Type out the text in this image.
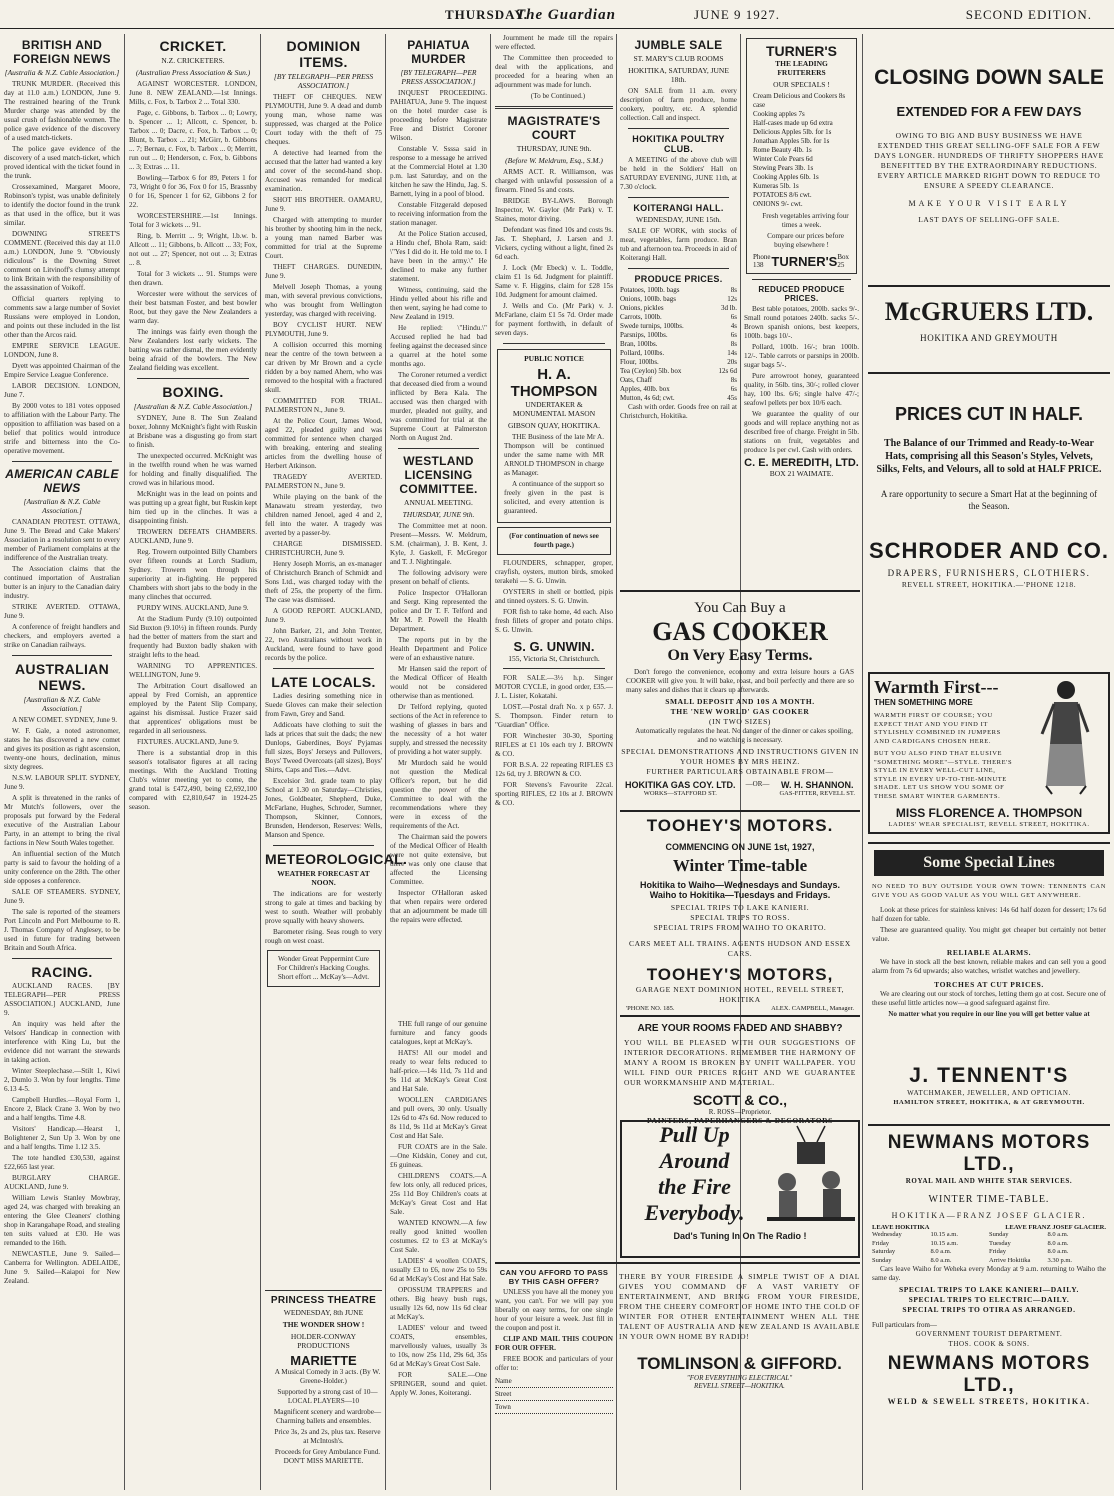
THURSDAY.
The Guardian	JUNE 9 1927.	SECOND EDITION.
BRITISH AND FOREIGN NEWS
[Australia & N.Z. Cable Association.]

TRUNK MURDER. (Received this day at 11.0 a.m.) LONDON, June 9. The restrained hearing of the Trunk Murder charge was attended by the usual crush of fashionable women. The police gave evidence of the discovery of a used match-tickets.

The police gave evidence of the discovery of a used match-ticket, which proved identical with the ticket found in the trunk.

Crossexamined, Margaret Moore, Robinson's typist, was unable definitely to identify the doctor found in the trunk as that used in the office, but it was similar.

DOWNING STREET'S COMMENT. (Received this day at 11.0 a.m.) LONDON, June 9. "Obviously ridiculous" is the Downing Street comment on Litvinoff's clumsy attempt to link Britain with the responsibility of the assassination of Voikoff.

Official quarters replying to comments saw a large number of Soviet Russians were employed in London, and points out these included in the list other than the Arcos raid.

EMPIRE SERVICE LEAGUE. LONDON, June 8.

Dyett was appointed Chairman of the Empire Service League Conference.

LABOR DECISION. LONDON, June 7.

By 2000 votes to 181 votes opposed to affiliation with the Labour Party. The opposition to affiliation was based on a belief that politics would introduce strife and bitterness into the Co-operative movement.

AMERICAN CABLE NEWS
[Australian & N.Z. Cable Association.]

CANADIAN PROTEST. OTTAWA, June 9. The Bread and Cake Makers' Association in a resolution sent to every member of Parliament complains at the indifference of the Australian treaty.

The Association claims that the continued importation of Australian butter is an injury to the Canadian dairy industry.

STRIKE AVERTED. OTTAWA, June 9.

A conference of freight handlers and checkers, and employers averted a strike on Canadian railways.

AUSTRALIAN NEWS.
[Australian & N.Z. Cable Association.]

A NEW COMET. SYDNEY, June 9.

W. F. Gale, a noted astronomer, states he has discovered a new comet and gives its position as right ascension, twenty-one hours, declination, minus sixty degrees.

N.S.W. LABOUR SPLIT. SYDNEY, June 9.

A split is threatened in the ranks of Mr Mutch's followers, over the proposals put forward by the Federal executive of the Australian Labour Party, in an attempt to bring the rival factions in New South Wales together.

An influential section of the Mutch party is said to favour the holding of a unity conference on the 28th. The other side opposes a conference.

SALE OF STEAMERS. SYDNEY, June 9.

The sale is reported of the steamers Port Lincoln and Port Melbourne to R. J. Thomas Company of Anglesey, to be used in future for trading between Britain and South Africa.

RACING.

AUCKLAND RACES. [BY TELEGRAPH—PER PRESS ASSOCIATION.] AUCKLAND, June 9.

An inquiry was held after the Velsors' Handicap in connection with interference with King Lu, but the evidence did not warrant the stewards in taking action.

Winter Steeplechase.—Stilt 1, Kiwi 2, Dumlo 3. Won by four lengths. Time 6.13 4-5.

Campbell Hurdles.—Royal Form 1, Encore 2, Black Crane 3. Won by two and a half lengths. Time 4.8.

Visitors' Handicap.—Hearst 1, Bolightener 2, Sun Up 3. Won by one and a half lengths. Time 1.12 3.5.

The tote handled £30,530, against £22,665 last year.

BURGLARY CHARGE. AUCKLAND, June 9.

William Lewis Stanley Mowbray, aged 24, was charged with breaking an entering the Glee Cleaners' clothing shop in Karangahape Road, and stealing ten suits valued at £30. He was remanded to the 16th.

NEWCASTLE, June 9. Sailed—Canberra for Wellington. ADELAIDE, June 9. Sailed—Kaiapoi for New Zealand.

CRICKET.
N.Z. CRICKETERS.
(Australian Press Association & Sun.)

AGAINST WORCESTER. LONDON, June 8. NEW ZEALAND.—1st Innings. Mills, c. Fox, b. Tarbox 2 ... Total 330.

Page, c. Gibbons, b. Tarbox ... 0; Lowry, b. Spencer ... 1; Allcott, c. Spencer, b. Tarbox ... 0; Dacre, c. Fox, b. Tarbox ... 0; Blunt, b. Tarbox ... 21; McGirr, b. Gibbons ... 7; Bernau, c. Fox, b. Tarbox ... 0; Merritt, run out ... 0; Henderson, c. Fox, b. Gibbons ... 3; Extras ... 11.

Bowling—Tarbox 6 for 89, Peters 1 for 73, Wright 0 for 36, Fox 0 for 15, Brassnby 0 for 16, Spencer 1 for 62, Gibbons 2 for 22.

WORCESTERSHIRE.—1st Innings. Total for 3 wickets ... 91.

Ring, b. Merritt ... 9; Wright, l.b.w. b. Allcott ... 11; Gibbons, b. Allcott ... 33; Fox, not out ... 27; Spencer, not out ... 3; Extras ... 8.

Total for 3 wickets ... 91. Stumps were then drawn.

Worcester were without the services of their best batsman Foster, and best bowler Root, but they gave the New Zealanders a warm day.

The innings was fairly even though the New Zealanders lost early wickets. The batting was rather dismal, the men evidently being afraid of the bowlers. The New Zealand fielding was excellent.

BOXING.
[Australian & N.Z. Cable Association.]

SYDNEY, June 8. The Sun Zealand boxer, Johnny McKnight's fight with Ruskin at Brisbane was a disgusting go from start to finish.

The unexpected occurred. McKnight was in the twelfth round when he was warned for holding and finally disqualified. The crowd was in hilarious mood.

McKnight was in the lead on points and was putting up a great fight, but Ruskin kept him tied up in the clinches. It was a disappointing finish.

TROWERN DEFEATS CHAMBERS. AUCKLAND, June 9.

Reg. Trowern outpointed Billy Chambers over fifteen rounds at Lorch Stadium, Sydney. Trowern won through his superiority at in-fighting. He peppered Chambers with short jabs to the body in the many clinches that occurred.

PURDY WINS. AUCKLAND, June 9.

At the Stadium Purdy (9.10) outpointed Sid Buxton (9.10½) in fifteen rounds. Purdy had the better of matters from the start and frequently had Buxton badly shaken with straight lefts to the head.

WARNING TO APPRENTICES. WELLINGTON, June 9.

The Arbitration Court disallowed an appeal by Fred Cornish, an apprentice employed by the Patent Slip Company, against his dismissal. Justice Frazer said that apprentices' obligations must be regarded in all seriousness.

FIXTURES. AUCKLAND, June 9.

There is a substantial drop in this season's totalisator figures at all racing meetings. With the Auckland Trotting Club's winter meeting yet to come, the grand total is £472,490, being £2,692,100 compared with £2,810,647 in 1924-25 season.

DOMINION ITEMS.
[BY TELEGRAPH—PER PRESS ASSOCIATION.]

THEFT OF CHEQUES. NEW PLYMOUTH, June 9. A dead and dumb young man, whose name was suppressed, was charged at the Police Court today with the theft of 75 cheques.

A detective had learned from the accused that the latter had wanted a key and cover of the second-hand shop. Accused was remanded for medical examination.

SHOT HIS BROTHER. OAMARU, June 9.

Charged with attempting to murder his brother by shooting him in the neck, a young man named Barber was committed for trial at the Supreme Court.

THEFT CHARGES. DUNEDIN, June 9.

Melvell Joseph Thomas, a young man, with several previous convictions, who was brought from Wellington yesterday, was charged with receiving.

BOY CYCLIST HURT. NEW PLYMOUTH, June 9.

A collision occurred this morning near the centre of the town between a car driven by Mr Brown and a cycle ridden by a boy named Ahern, who was removed to the hospital with a fractured skull.

COMMITTED FOR TRIAL. PALMERSTON N., June 9.

At the Police Court, James Wood, aged 22, pleaded guilty and was committed for sentence when charged with breaking, entering and stealing articles from the dwelling house of Herbert Atkinson.

TRAGEDY AVERTED. PALMERSTON N., June 9.

While playing on the bank of the Manawatu stream yesterday, two children named Jenoel, aged 4 and 2, fell into the water. A tragedy was averted by a passer-by.

CHARGE DISMISSED. CHRISTCHURCH, June 9.

Henry Joseph Morris, an ex-manager of Christchurch Branch of Schmidt and Sons Ltd., was charged today with the theft of 25s, the property of the firm. The case was dismissed.

A GOOD REPORT. AUCKLAND, June 9.

John Barker, 21, and John Trenter, 22, two Australians without work in Auckland, were found to have good records by the police.

LATE LOCALS.

Ladies desiring something nice in Suede Gloves can make their selection from Fawn, Grey and Sand.

Addicoats have clothing to suit the lads at prices that suit the dads; the new Dunlops, Gaberdines, Boys' Pyjamas full sizes, Boys' Jerseys and Pullovers, Boys' Tweed Overcoats (all sizes), Boys' Shirts, Caps and Ties.—Advt.

Excelsior 3rd. grade team to play School at 1.30 on Saturday—Christies, Jones, Goldbeater, Shepherd, Duke, McFarlane, Hughes, Schroder, Sumner, Thompson, Skinner, Connors, Brunsden, Henderson, Reserves: Wells, Manson and Spence.

METEOROLOGICAL.
WEATHER FORECAST AT NOON.

The indications are for westerly strong to gale at times and backing by west to south. Weather will probably prove squally with heavy showers.

Barometer rising. Seas rough to very rough on west coast.

Wonder Great Peppermint Cure For Children's Hacking Coughs. Short effort ... McKay's—Advt.
PAHIATUA MURDER
[BY TELEGRAPH—PER PRESS ASSOCIATION.]

INQUEST PROCEEDING. PAHIATUA, June 9. The inquest on the hotel murder case is proceeding before Magistrate Free and District Coroner Wilson.

Constable V. Ssssa said in response to a message he arrived at the Commercial Hotel at 1.30 p.m. last Saturday, and on the kitchen he saw the Hindu, Jag. S. Barnett, lying in a pool of blood.

Constable Fitzgerald deposed to receiving information from the station manager.

At the Police Station accused, a Hindu chef, Bhola Ram, said: \"Yes I did do it. He told me to. I have been in the army.\" He declined to make any further statement.

Witness, continuing, said the Hindu yelled about his rifle and then went, saying he had come to New Zealand in 1919.

He replied: \"Hindu.\" Accused replied he had bad feeling against the deceased since a quarrel at the hotel some months ago.

The Coroner returned a verdict that deceased died from a wound inflicted by Bera Kala. The accused was then charged with murder, pleaded not guilty, and was committed for trial at the Supreme Court at Palmerston North on August 2nd.

WESTLAND LICENSING COMMITTEE.
ANNUAL MEETING.
THURSDAY, JUNE 9th.

The Committee met at noon. Present—Messrs. W. Meldrum, S.M. (chairman), J. B. Kent, J. Kyle, J. Gaskell, F. McGregor and T. J. Nightingale.

The following advisory were present on behalf of clients.

Police Inspector O'Halloran and Sergt. King represented the police and Dr T. F. Telford and Mr M. P. Powell the Health Department.

The reports put in by the Health Department and Police were of an exhaustive nature.

Mr Hansen said the report of the Medical Officer of Health would not be considered otherwise than as mentioned.

Dr Telford replying, quoted sections of the Act in reference to washing of glasses in bars and the necessity of a hot water supply, and stressed the necessity of providing a hot water supply.

Mr Murdoch said he would not question the Medical Officer's report, but he did question the power of the Committee to deal with the recommendations where they were in excess of the requirements of the Act.

The Chairman said the powers of the Medical Officer of Health were not quite extensive, but there was only one clause that affected the Licensing Committee.

Inspector O'Halloran asked that when repairs were ordered that an adjournment be made till the repairs were effected.

Journment he made till the repairs were effected.

The Committee then proceeded to deal with the applications, and proceeded for a hearing when an adjournment was made for lunch.

(To be Continued.)

MAGISTRATE'S COURT
THURSDAY, JUNE 9th.
(Before W. Meldrum, Esq., S.M.)

ARMS ACT. R. Williamson, was charged with unlawful possession of a firearm. Fined 5s and costs.

BRIDGE BY-LAWS. Borough Inspector, W. Gaylor (Mr Park) v. T. Staines, motor driving.

Defendant was fined 10s and costs 9s. Jas. T. Shephard, J. Larsen and J. Vickers, cycling without a light, fined 2s 6d each.

J. Lock (Mr Ebeck) v. L. Toddle, claim £1 1s 6d. Judgment for plaintiff. Same v. F. Higgins, claim for £28 15s 10d. Judgment for amount claimed.

J. Wells and Co. (Mr Park) v. J. McFarlane, claim £1 5s 7d. Order made for payment forthwith, in default of seven days.

PUBLIC NOTICE
H. A. THOMPSON
UNDERTAKER & MONUMENTAL MASON
GIBSON QUAY, HOKITIKA.

THE Business of the late Mr A. Thompson will be continued under the same name with MR ARNOLD THOMPSON in charge as Manager.

A continuance of the support so freely given in the past is solicited, and every attention is guaranteed.

(For continuation of news see fourth page.)

FLOUNDERS, schnapper, groper, crayfish, oysters, mutton birds, smoked terakehi — S. G. Unwin.

OYSTERS in shell or bottled, pipis and tinned oysters. S. G. Unwin.

FOR fish to take home, 4d each. Also fresh fillets of groper and potato chips. S. G. Unwin.

S. G. UNWIN.
155, Victoria St, Christchurch.

FOR SALE.—3½ h.p. Singer MOTOR CYCLE, in good order, £35.—J. L. Lister, Kokatahi.

LOST.—Postal draft No. x p 657. J. S. Thompson. Finder return to "Guardian" Office.

FOR Winchester 30-30, Sporting RIFLES at £1 10s each try J. BROWN & CO.

FOR B.S.A. 22 repeating RIFLES £3 12s 6d, try J. BROWN & CO.

FOR Stevens's Favourite 22cal. sporting RIFLES, £2 10s at J. BROWN & CO.

JUMBLE SALE
ST. MARY'S CLUB ROOMS
HOKITIKA, SATURDAY, JUNE 18th.

ON SALE from 11 a.m. every description of farm produce, home cookery, poultry, etc. A splendid collection. Call and inspect.

HOKITIKA POULTRY CLUB.

A MEETING of the above club will be held in the Soldiers' Hall on SATURDAY EVENING, JUNE 11th, at 7.30 o'clock.

KOITERANGI HALL.
WEDNESDAY, JUNE 15th.

SALE OF WORK, with stocks of meat, vegetables, farm produce. Bran tub and afternoon tea. Proceeds in aid of Koiterangi Hall.

PRODUCE PRICES.
Potatoes, 100lb. bags	8s
Onions, 100lb. bags	12s
Onions, pickles	3d lb.
Carrots, 100lb.	6s
Swede turnips, 100lbs.	4s
Parsnips, 100lbs.	6s
Bran, 100lbs.	8s
Pollard, 100lbs.	14s
Flour, 100lbs.	20s
Tea (Ceylon) 5lb. box	12s 6d
Oats, Chaff	8s
Apples, 40lb. box	6s
Mutton, 4s 6d; cwt.	45s

Cash with order. Goods free on rail at Christchurch, Hokitika.

TURNER'S
THE LEADING FRUITERERS
OUR SPECIALS !
Cream Delicious and Cookers 8s case
Cooking apples 7s
Half-cases made up 6d extra
Delicious Apples 5lb. for 1s
Jonathan Apples 5lb. for 1s
Rome Beauty 4lb. 1s
Winter Cole Pears 6d
Stewing Pears 3lb. 1s
Cooking Apples 6lb. 1s
Kumeras 5lb. 1s
POTATOES 8/6 cwt.
ONIONS 9/- cwt.

Fresh vegetables arriving four times a week.

Compare our prices before buying elsewhere !

Phone 138 TURNER'S Box 25
REDUCED PRODUCE PRICES.

Best table potatoes, 200lb. sacks 9/-. Small round potatoes 240lb. sacks 5/-. Brown spanish onions, best keepers, 100lb. bags 10/-.

Pollard, 100lb. 16/-; bran 100lb. 12/-. Table carrots or parsnips in 200lb. sugar bags 5/-.

Pure arrowroot honey, guaranteed quality, in 56lb. tins, 30/-; rolled clover hay, 100 lbs. 6/6; single halve 47/-; seafowl pellets per box 10/6 each.

We guarantee the quality of our goods and will replace anything not as described free of charge. Freight in 5lb. stations on fruit, vegetables and produce 1s per cwl. Cash with orders.

C. E. MEREDITH, LTD.
BOX 21 WAIMATE.
You Can Buy a
GAS COOKER
On Very Easy Terms.

Don't forego the convenience, economy and extra leisure hours a GAS COOKER will give you. It will bake, roast, and boil perfectly and there are so many sales and dishes that it clears up afterwards.

SMALL DEPOSIT AND 10S A MONTH.
THE 'NEW WORLD' GAS COOKER
(IN TWO SIZES)

Automatically regulates the heat. No danger of the dinner or cakes spoiling, and no watching is necessary.

SPECIAL DEMONSTRATIONS AND INSTRUCTIONS GIVEN IN YOUR HOMES BY MRS HEINZ.
FURTHER PARTICULARS OBTAINABLE FROM—
HOKITIKA GAS COY. LTD.
WORKS—STAFFORD ST.
—OR— W. H. SHANNON.
GAS-FITTER, REVELL ST.
TOOHEY'S MOTORS.
COMMENCING ON JUNE 1st, 1927,
Winter Time-table
Hokitika to Waiho—Wednesdays and Sundays.
Waiho to Hokitika—Tuesdays and Fridays.
SPECIAL TRIPS TO LAKE KANIERI.
SPECIAL TRIPS TO ROSS.
SPECIAL TRIPS FROM WAIHO TO OKARITO.
CARS MEET ALL TRAINS. AGENTS HUDSON AND ESSEX CARS.
TOOHEY'S MOTORS,
GARAGE NEXT DOMINION HOTEL, REVELL STREET, HOKITIKA
'PHONE NO. 185.	ALEX. CAMPBELL, Manager.
ARE YOUR ROOMS FADED AND SHABBY?
YOU WILL BE PLEASED WITH OUR SUGGESTIONS OF INTERIOR DECORATIONS. REMEMBER THE HARMONY OF MANY A ROOM IS BROKEN BY UNFIT WALLPAPER. YOU WILL FIND OUR PRICES RIGHT AND WE GUARANTEE OUR WORKMANSHIP AND MATERIAL.
SCOTT & CO.,
R. ROSS—Proprietor.
PAINTERS, PAPERHANGERS & DECORATORS
Pull Up
Around
the Fire
Everybody.
Dad's Tuning In On The Radio !
CAN YOU AFFORD TO PASS BY THIS CASH OFFER?

UNLESS you have all the money you want, you can't. For we will pay you liberally on easy terms, for one single hour of your leisure a week. Just fill in the coupon and post it.

CLIP AND MAIL THIS COUPON FOR OUR OFFER.

FREE BOOK and particulars of your offer to:

Name
Street
Town
THERE BY YOUR FIRESIDE A SIMPLE TWIST OF A DIAL GIVES YOU COMMAND OF A VAST VARIETY OF ENTERTAINMENT, AND BRING FROM YOUR FIRESIDE, FROM THE CHEERY COMFORT OF HOME INTO THE COLD OF WINTER FOR OTHER ENTERTAINMENT WHEN ALL THE TALENT OF AUSTRALIA AND NEW ZEALAND IS AVAILABLE IN YOUR OWN HOME BY RADIO!
TOMLINSON & GIFFORD.
"FOR EVERYTHING ELECTRICAL"
REVELL STREET—HOKITIKA.
CLOSING DOWN SALE
EXTENDED FOR A FEW DAYS
OWING TO BIG AND BUSY BUSINESS WE HAVE EXTENDED THIS GREAT SELLING-OFF SALE FOR A FEW DAYS LONGER. HUNDREDS OF THRIFTY SHOPPERS HAVE BENEFITTED BY THE EXTRAORDINARY REDUCTIONS. EVERY ARTICLE MARKED RIGHT DOWN TO REDUCE TO ENSURE A SPEEDY CLEARANCE.
MAKE YOUR VISIT EARLY
LAST DAYS OF SELLING-OFF SALE.
McGRUERS LTD.
HOKITIKA AND GREYMOUTH
PRICES CUT IN HALF.
The Balance of our Trimmed and Ready-to-Wear Hats, comprising all this Season's Styles, Velvets, Silks, Felts, and Velours, all to sold at HALF PRICE.
A rare opportunity to secure a Smart Hat at the beginning of the Season.
SCHRODER AND CO.
DRAPERS, FURNISHERS, CLOTHIERS.
REVELL STREET, HOKITIKA.—'PHONE 1218.
Warmth First---
THEN SOMETHING MORE
WARMTH FIRST OF COURSE; YOU EXPECT THAT AND YOU FIND IT STYLISHLY COMBINED IN JUMPERS AND CARDIGANS CHOSEN HERE.
BUT YOU ALSO FIND THAT ELUSIVE "SOMETHING MORE"—STYLE. THERE'S STYLE IN EVERY WELL-CUT LINE, STYLE IN EVERY UP-TO-THE-MINUTE SHADE. LET US SHOW YOU SOME OF THESE SMART WINTER GARMENTS.
MISS FLORENCE A. THOMPSON
LADIES' WEAR SPECIALIST, REVELL STREET, HOKITIKA.
Some Special Lines
NO NEED TO BUY OUTSIDE YOUR OWN TOWN: TENNENTS CAN GIVE YOU AS GOOD VALUE AS YOU WILL GET ANYWHERE.

Look at these prices for stainless knives: 14s 6d half dozen for dessert; 17s 6d half dozen for table.

These are guaranteed quality. You might get cheaper but certainly not better value.

RELIABLE ALARMS.

We have in stock all the best known, reliable makes and can sell you a good alarm from 7s 6d upwards; also watches, wristlet watches and jewellery.

TORCHES AT CUT PRICES.

We are clearing out our stock of torches, letting them go at cost. Secure one of these useful little articles now—a good safeguard against fire.

No matter what you require in our line you will get better value at

J. TENNENT'S
WATCHMAKER, JEWELLER, AND OPTICIAN.
HAMILTON STREET, HOKITIKA, & AT GREYMOUTH.
NEWMANS MOTORS LTD.,
ROYAL MAIL AND WHITE STAR SERVICES.
WINTER TIME-TABLE.
HOKITIKA—FRANZ JOSEF GLACIER.
LEAVE HOKITIKA	LEAVE FRANZ JOSEF GLACIER.
Wednesday	10.15 a.m.	Sunday	8.0 a.m.
Friday	10.15 a.m.	Tuesday	8.0 a.m.
Saturday	8.0 a.m.	Friday	8.0 a.m.
Sunday	8.0 a.m.	Arrive Hokitika	3.30 p.m.

Cars leave Waiho for Weheka every Monday at 9 a.m. returning to Waiho the same day.

SPECIAL TRIPS TO LAKE KANIERI—DAILY.
SPECIAL TRIPS TO ELECTRIC—DAILY.
SPECIAL TRIPS TO OTIRA AS ARRANGED.
Full particulars from—
GOVERNMENT TOURIST DEPARTMENT.
THOS. COOK & SONS.
NEWMANS MOTORS LTD.,
WELD & SEWELL STREETS, HOKITIKA.

THE full range of our genuine furniture and fancy goods catalogues, kept at McKay's.

HATS! All our model and ready to wear felts reduced to half-price.—14s 11d, 7s 11d and 9s 11d at McKay's Great Cost and Hat Sale.

WOOLLEN CARDIGANS and pull overs, 30 only. Usually 12s 6d to 47s 6d. Now reduced to 8s 11d, 9s 11d at McKay's Great Cost and Hat Sale.

FUR COATS are in the Sale.—One Kidskin, Coney and cut, £6 guineas.

CHILDREN'S COATS.—A few lots only, all reduced prices, 25s 11d Boy Children's coats at McKay's Great Cost and Hat Sale.

WANTED KNOWN.—A few really good knitted woollen costumes. £2 to £3 at McKay's Cost Sale.

LADIES' 4 woollen COATS, usually £3 to £6, now 25s to 59s 6d at McKay's Cost and Hat Sale.

OPOSSUM TRAPPERS and others. Big heavy bush rugs, usually 12s 6d, now 11s 6d clear at McKay's.

LADIES' velour and tweed COATS, ensembles, marvellously values, usually 3s to 10s, now 25s 11d, 29s 6d, 35s 6d at McKay's Great Cost Sale.

FOR SALE.—One SPRINGER, sound and quiet. Apply W. Jones, Koiterangi.

PRINCESS THEATRE
WEDNESDAY, 8th JUNE
THE WONDER SHOW !
HOLDER-CONWAY PRODUCTIONS
MARIETTE

A Musical Comedy in 3 acts. (By W. Greene-Holder.)

Supported by a strong cast of 10—LOCAL PLAYERS—10

Magnificent scenery and wardrobe—Charming ballets and ensembles.

Price 3s, 2s and 2s, plus tax. Reserve at McIntosh's.

Proceeds for Grey Ambulance Fund. DON'T MISS MARIETTE.
